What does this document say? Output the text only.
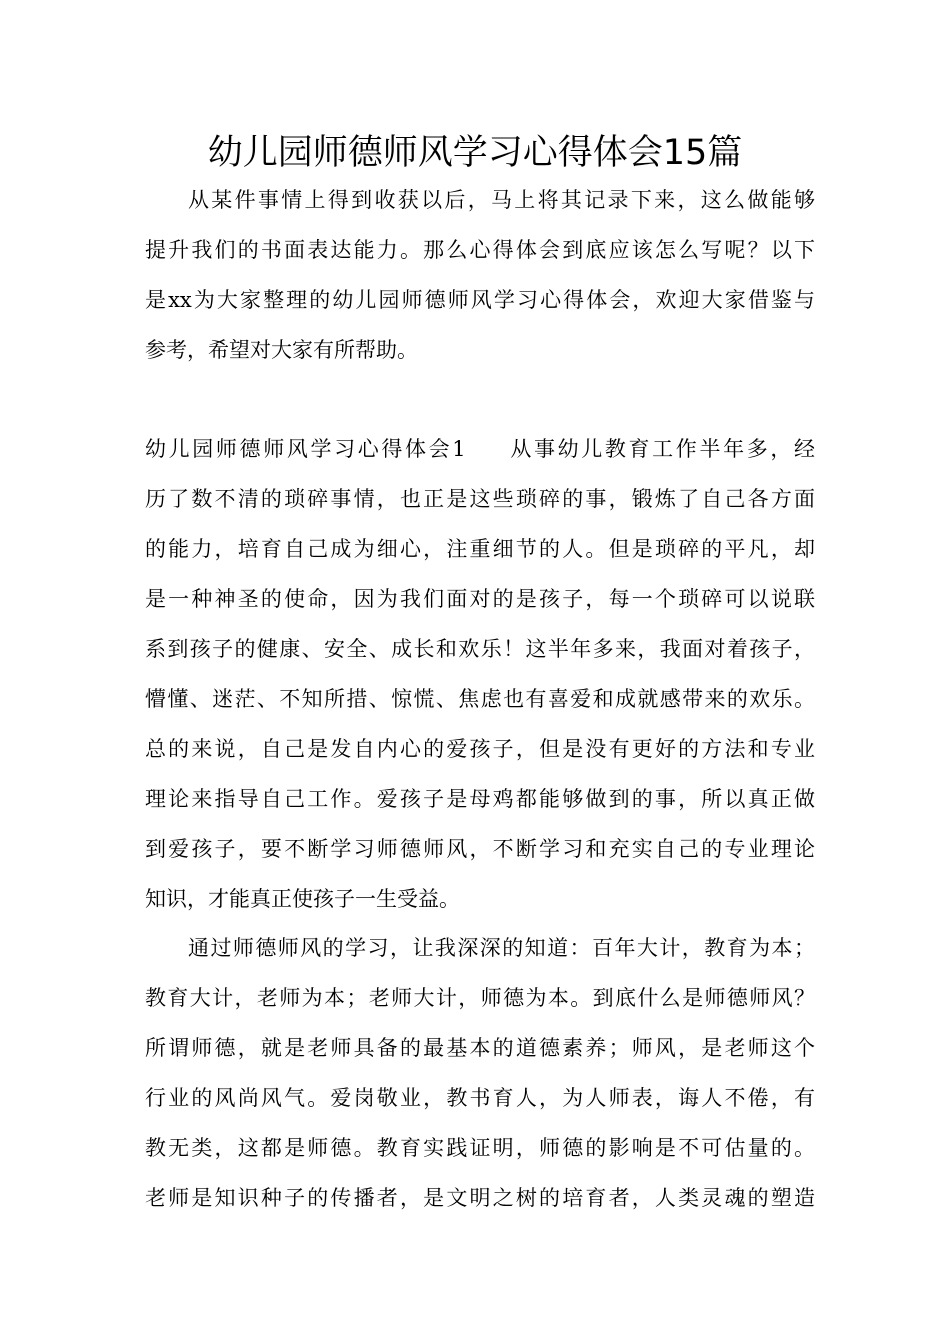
幼儿园师德师风学习心得体会15篇
从某件事情上得到收获以后，马上将其记录下来，这么做能够
提升我们的书面表达能力。那么心得体会到底应该怎么写呢？以下
是xx为大家整理的幼儿园师德师风学习心得体会，欢迎大家借鉴与
参考，希望对大家有所帮助。
幼儿园师德师风学习心得体会1 从事幼儿教育工作半年多，经
历了数不清的琐碎事情，也正是这些琐碎的事，锻炼了自己各方面
的能力，培育自己成为细心，注重细节的人。但是琐碎的平凡，却
是一种神圣的使命，因为我们面对的是孩子，每一个琐碎可以说联
系到孩子的健康、安全、成长和欢乐！这半年多来，我面对着孩子，
懵懂、迷茫、不知所措、惊慌、焦虑也有喜爱和成就感带来的欢乐。
总的来说，自己是发自内心的爱孩子，但是没有更好的方法和专业
理论来指导自己工作。爱孩子是母鸡都能够做到的事，所以真正做
到爱孩子，要不断学习师德师风，不断学习和充实自己的专业理论
知识，才能真正使孩子一生受益。
通过师德师风的学习，让我深深的知道：百年大计，教育为本；
教育大计，老师为本；老师大计，师德为本。到底什么是师德师风？
所谓师德，就是老师具备的最基本的道德素养；师风，是老师这个
行业的风尚风气。爱岗敬业，教书育人，为人师表，诲人不倦，有
教无类，这都是师德。教育实践证明，师德的影响是不可估量的。
老师是知识种子的传播者，是文明之树的培育者，人类灵魂的塑造
